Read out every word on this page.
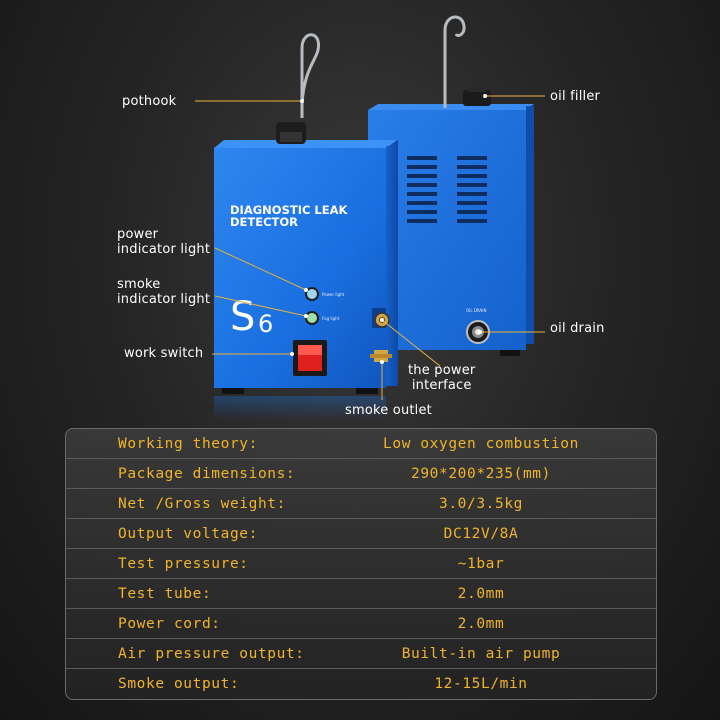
OIL DRAIN
DIAGNOSTIC LEAK
DETECTOR
S 6
Power light
Fog light
pothook	oil filler
power
indicator light
smoke
indicator light
work switch
oil drain
the power
interface
smoke outlet
Working theory:	Low oxygen combustion
Package dimensions:	290*200*235(mm)
Net /Gross weight:	3.0/3.5kg
Output voltage:	DC12V/8A
Test pressure:	~1bar
Test tube:	2.0mm
Power cord:	2.0mm
Air pressure output:	Built-in air pump
Smoke output:	12-15L/min
